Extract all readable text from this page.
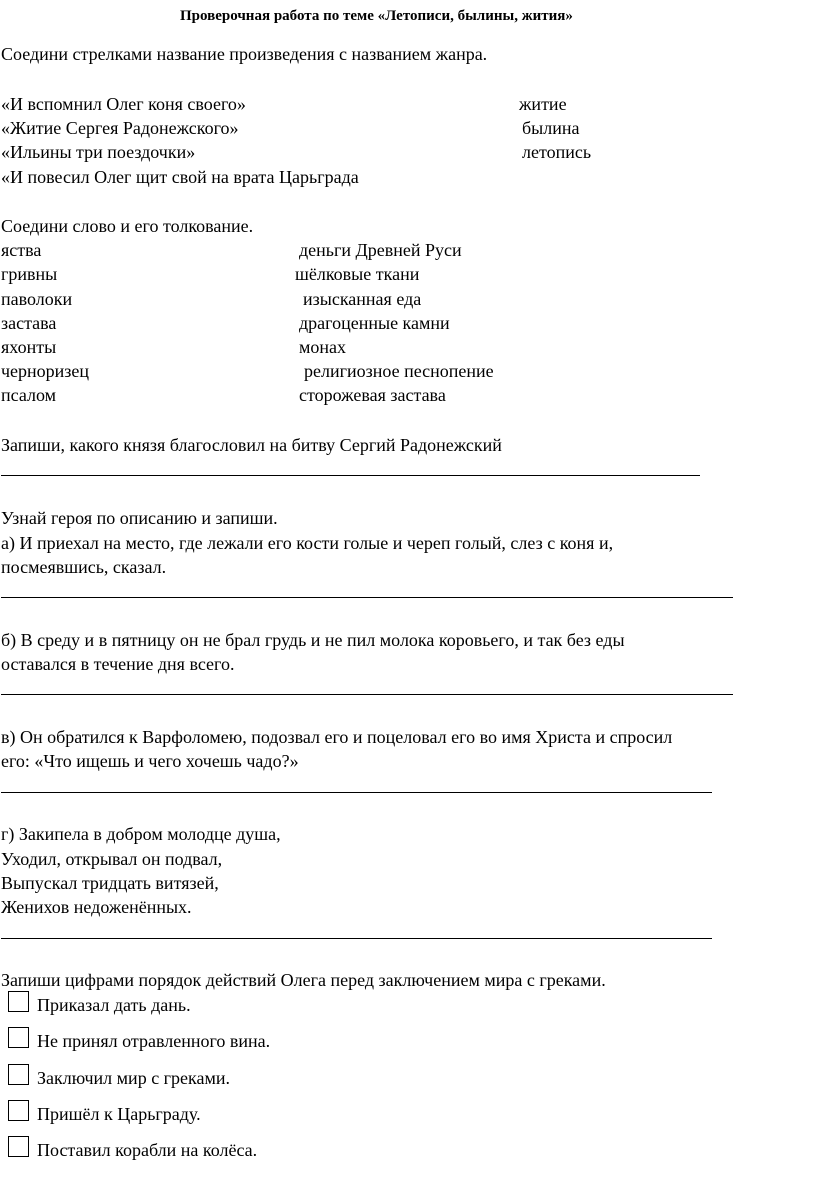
Проверочная работа по теме «Летописи, былины, жития»
Соедини стрелками название произведения с названием жанра.
«И вспомнил Олег коня своего»
«Житие Сергея Радонежского»
«Ильины три поездочки»
«И повесил Олег щит свой на врата Царьграда
житие
былина
летопись
Соедини слово и его толкование.
яства
гривны
паволоки
застава
яхонты
черноризец
псалом
деньги Древней Руси
шёлковые ткани
изысканная еда
драгоценные камни
монах
религиозное песнопение
сторожевая застава
Запиши, какого князя благословил на битву Сергий Радонежский
Узнай героя по описанию и запиши.
а) И приехал на место, где лежали его кости голые и череп голый, слез с коня и,
посмеявшись, сказал.
б) В среду и в пятницу он не брал грудь и не пил молока коровьего, и так без еды
оставался в течение дня всего.
в) Он обратился к Варфоломею, подозвал его и поцеловал его во имя Христа и спросил
его: «Что ищешь и чего хочешь чадо?»
г) Закипела в добром молодце душа,
Уходил, открывал он подвал,
Выпускал тридцать витязей,
Женихов недоженённых.
Запиши цифрами порядок действий Олега перед заключением мира с греками.
Приказал дать дань.
Не принял отравленного вина.
Заключил мир с греками.
Пришёл к Царьграду.
Поставил корабли на колёса.
